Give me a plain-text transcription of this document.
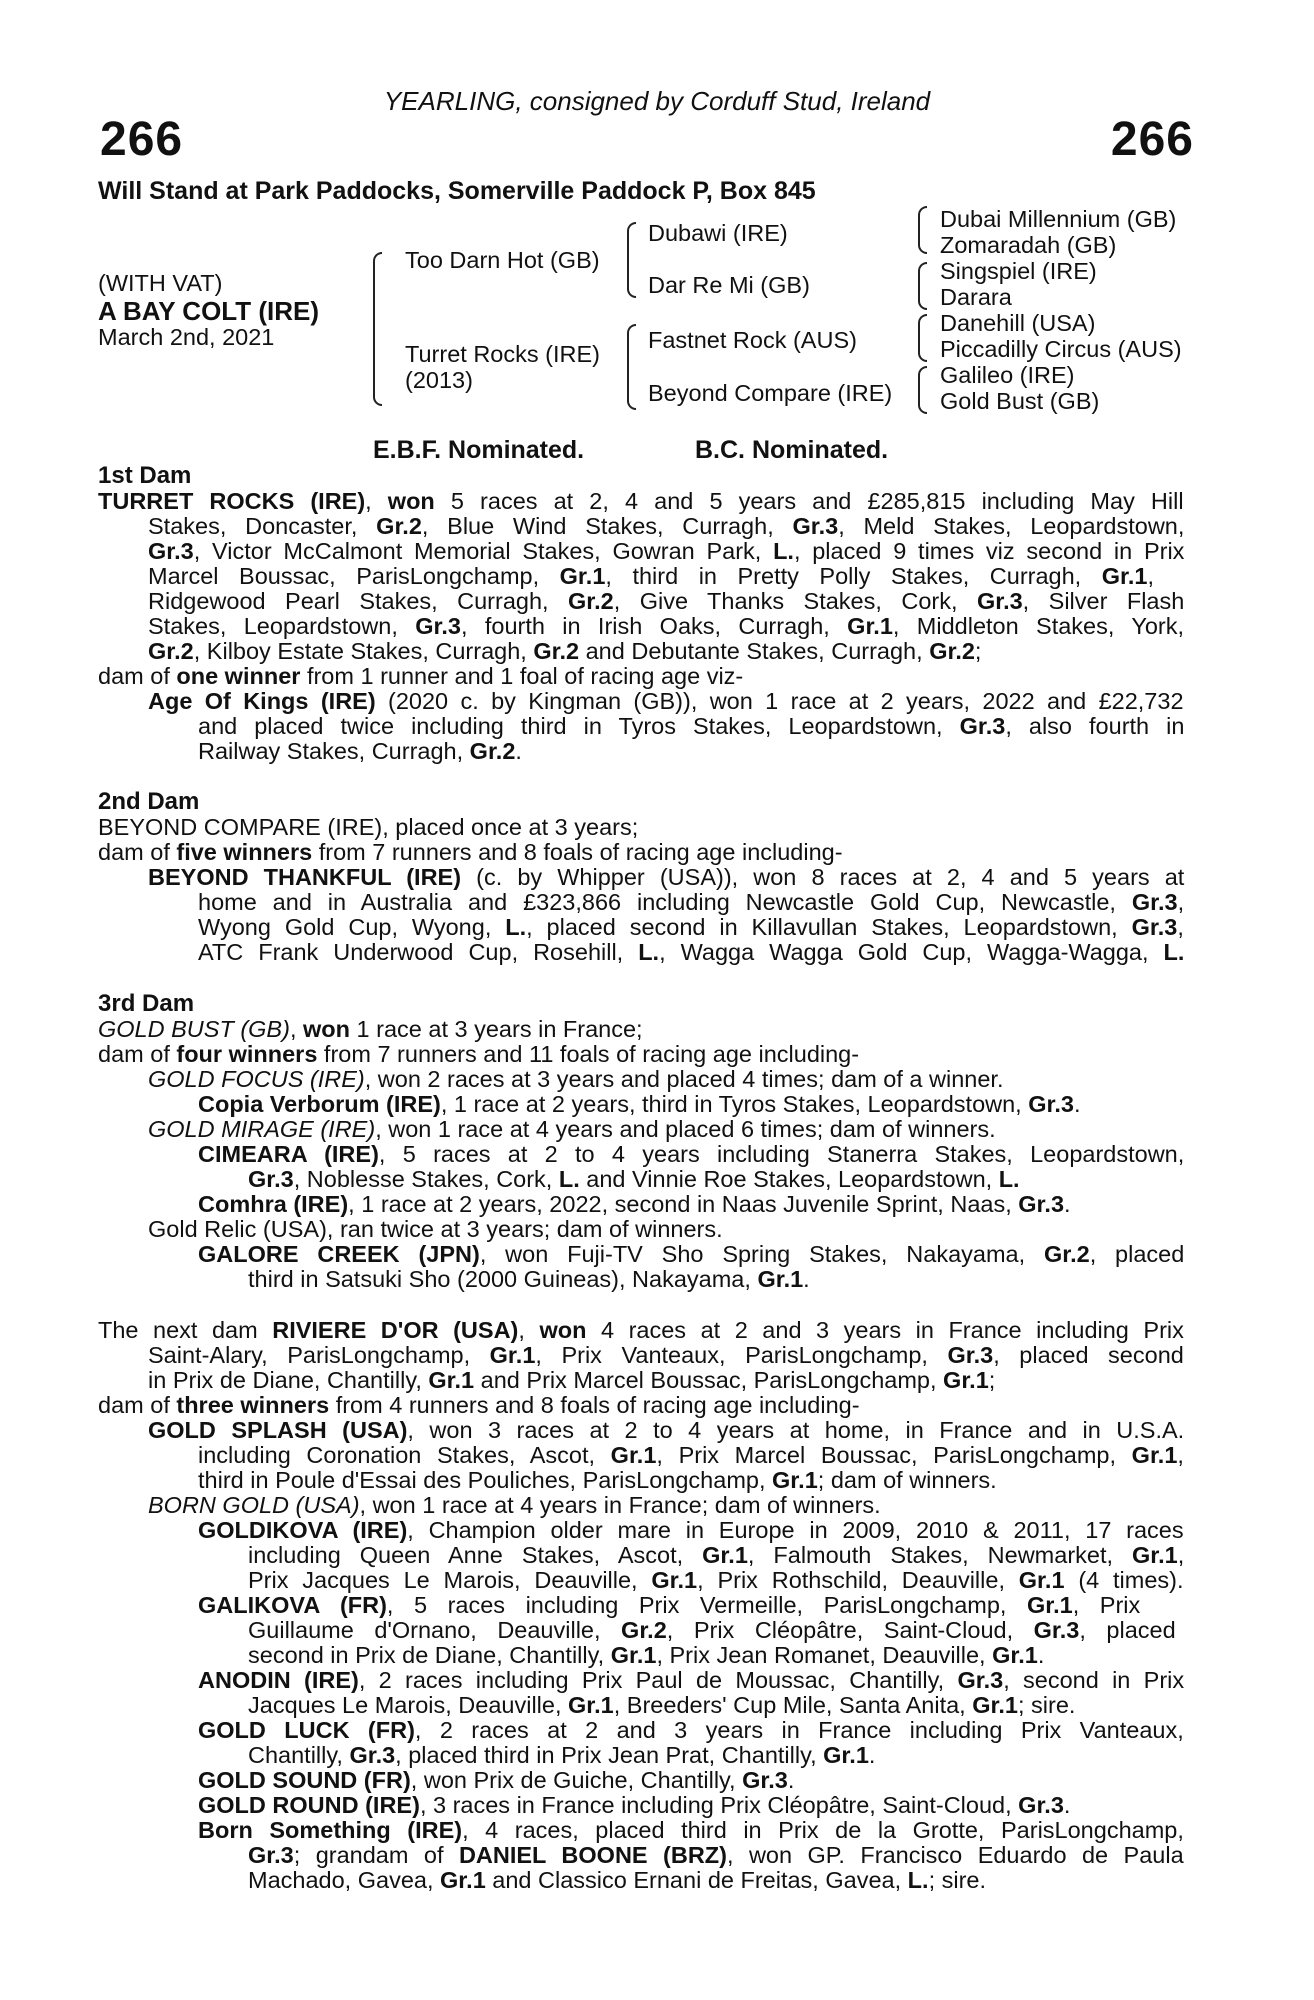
YEARLING, consigned by Corduff Stud, Ireland
266	266
Will Stand at Park Paddocks, Somerville Paddock P, Box 845
(WITH VAT)
A BAY COLT (IRE)
March 2nd, 2021
Too Darn Hot (GB)
Turret Rocks (IRE)
(2013)
Dubawi (IRE)
Dar Re Mi (GB)
Fastnet Rock (AUS)
Beyond Compare (IRE)
Dubai Millennium (GB)
Zomaradah (GB)
Singspiel (IRE)
Darara
Danehill (USA)
Piccadilly Circus (AUS)
Galileo (IRE)
Gold Bust (GB)
E.B.F. Nominated.	B.C. Nominated.
1st Dam
2nd Dam
3rd Dam
TURRET ROCKS (IRE), won 5 races at 2, 4 and 5 years and £285,815 including May Hill
Stakes, Doncaster, Gr.2, Blue Wind Stakes, Curragh, Gr.3, Meld Stakes, Leopardstown,
Gr.3, Victor McCalmont Memorial Stakes, Gowran Park, L., placed 9 times viz second in Prix
Marcel Boussac, ParisLongchamp, Gr.1, third in Pretty Polly Stakes, Curragh, Gr.1,
Ridgewood Pearl Stakes, Curragh, Gr.2, Give Thanks Stakes, Cork, Gr.3, Silver Flash
Stakes, Leopardstown, Gr.3, fourth in Irish Oaks, Curragh, Gr.1, Middleton Stakes, York,
Gr.2, Kilboy Estate Stakes, Curragh, Gr.2 and Debutante Stakes, Curragh, Gr.2;
dam of one winner from 1 runner and 1 foal of racing age viz-
Age Of Kings (IRE) (2020 c. by Kingman (GB)), won 1 race at 2 years, 2022 and £22,732
and placed twice including third in Tyros Stakes, Leopardstown, Gr.3, also fourth in
Railway Stakes, Curragh, Gr.2.
BEYOND COMPARE (IRE), placed once at 3 years;
dam of five winners from 7 runners and 8 foals of racing age including-
BEYOND THANKFUL (IRE) (c. by Whipper (USA)), won 8 races at 2, 4 and 5 years at
home and in Australia and £323,866 including Newcastle Gold Cup, Newcastle, Gr.3,
Wyong Gold Cup, Wyong, L., placed second in Killavullan Stakes, Leopardstown, Gr.3,
ATC Frank Underwood Cup, Rosehill, L., Wagga Wagga Gold Cup, Wagga-Wagga, L.
GOLD BUST (GB), won 1 race at 3 years in France;
dam of four winners from 7 runners and 11 foals of racing age including-
GOLD FOCUS (IRE), won 2 races at 3 years and placed 4 times; dam of a winner.
Copia Verborum (IRE), 1 race at 2 years, third in Tyros Stakes, Leopardstown, Gr.3.
GOLD MIRAGE (IRE), won 1 race at 4 years and placed 6 times; dam of winners.
CIMEARA (IRE), 5 races at 2 to 4 years including Stanerra Stakes, Leopardstown,
Gr.3, Noblesse Stakes, Cork, L. and Vinnie Roe Stakes, Leopardstown, L.
Comhra (IRE), 1 race at 2 years, 2022, second in Naas Juvenile Sprint, Naas, Gr.3.
Gold Relic (USA), ran twice at 3 years; dam of winners.
GALORE CREEK (JPN), won Fuji-TV Sho Spring Stakes, Nakayama, Gr.2, placed
third in Satsuki Sho (2000 Guineas), Nakayama, Gr.1.
The next dam RIVIERE D'OR (USA), won 4 races at 2 and 3 years in France including Prix
Saint-Alary, ParisLongchamp, Gr.1, Prix Vanteaux, ParisLongchamp, Gr.3, placed second
in Prix de Diane, Chantilly, Gr.1 and Prix Marcel Boussac, ParisLongchamp, Gr.1;
dam of three winners from 4 runners and 8 foals of racing age including-
GOLD SPLASH (USA), won 3 races at 2 to 4 years at home, in France and in U.S.A.
including Coronation Stakes, Ascot, Gr.1, Prix Marcel Boussac, ParisLongchamp, Gr.1,
third in Poule d'Essai des Pouliches, ParisLongchamp, Gr.1; dam of winners.
BORN GOLD (USA), won 1 race at 4 years in France; dam of winners.
GOLDIKOVA (IRE), Champion older mare in Europe in 2009, 2010 & 2011, 17 races
including Queen Anne Stakes, Ascot, Gr.1, Falmouth Stakes, Newmarket, Gr.1,
Prix Jacques Le Marois, Deauville, Gr.1, Prix Rothschild, Deauville, Gr.1 (4 times).
GALIKOVA (FR), 5 races including Prix Vermeille, ParisLongchamp, Gr.1, Prix
Guillaume d'Ornano, Deauville, Gr.2, Prix Cléopâtre, Saint-Cloud, Gr.3, placed
second in Prix de Diane, Chantilly, Gr.1, Prix Jean Romanet, Deauville, Gr.1.
ANODIN (IRE), 2 races including Prix Paul de Moussac, Chantilly, Gr.3, second in Prix
Jacques Le Marois, Deauville, Gr.1, Breeders' Cup Mile, Santa Anita, Gr.1; sire.
GOLD LUCK (FR), 2 races at 2 and 3 years in France including Prix Vanteaux,
Chantilly, Gr.3, placed third in Prix Jean Prat, Chantilly, Gr.1.
GOLD SOUND (FR), won Prix de Guiche, Chantilly, Gr.3.
GOLD ROUND (IRE), 3 races in France including Prix Cléopâtre, Saint-Cloud, Gr.3.
Born Something (IRE), 4 races, placed third in Prix de la Grotte, ParisLongchamp,
Gr.3; grandam of DANIEL BOONE (BRZ), won GP. Francisco Eduardo de Paula
Machado, Gavea, Gr.1 and Classico Ernani de Freitas, Gavea, L.; sire.
